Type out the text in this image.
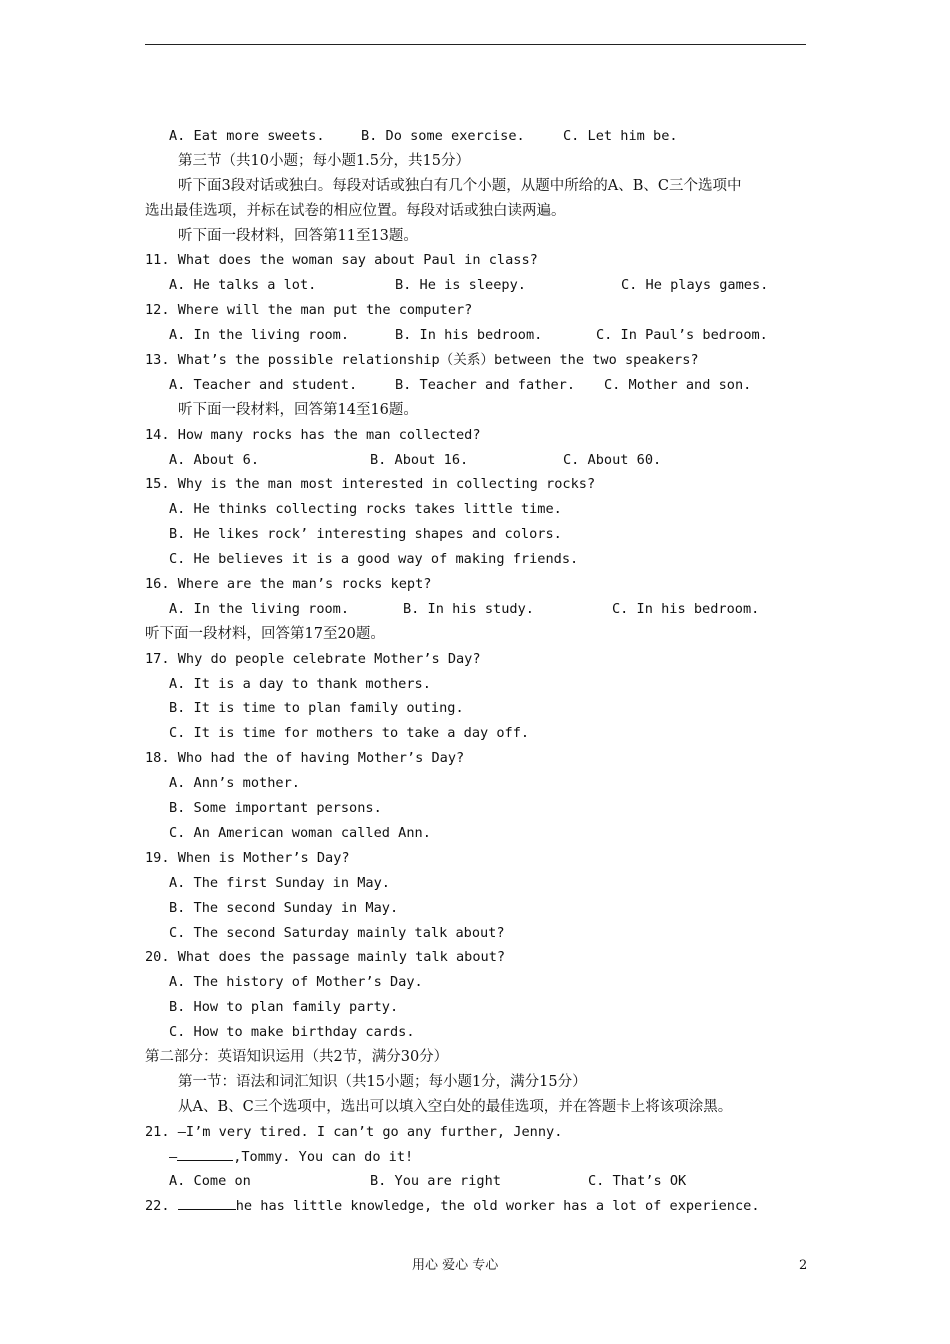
A. Eat more sweets.	B. Do some exercise.	C. Let him be.
第三节（共10小题；每小题1.5分，共15分）
听下面3段对话或独白。每段对话或独白有几个小题，从题中所给的A、B、C三个选项中
选出最佳选项，并标在试卷的相应位置。每段对话或独白读两遍。
听下面一段材料，回答第11至13题。
11. What does the woman say about Paul in class?
A. He talks a lot.	B. He is sleepy.	C. He plays games.
12. Where will the man put the computer?
A. In the living room.	B. In his bedroom.	C. In Paul’s bedroom.
13. What’s the possible relationship（关系）between the two speakers?
A. Teacher and student.	B. Teacher and father. C. Mother and son.
听下面一段材料，回答第14至16题。
14. How many rocks has the man collected?
A. About 6.	B. About 16.	C. About 60.
15. Why is the man most interested in collecting rocks?
A. He thinks collecting rocks takes little time.
B. He likes rock’ interesting shapes and colors.
C. He believes it is a good way of making friends.
16. Where are the man’s rocks kept?
A. In the living room.	B. In his study.	C. In his bedroom.
听下面一段材料，回答第17至20题。
17. Why do people celebrate Mother’s Day?
A. It is a day to thank mothers.
B. It is time to plan family outing.
C. It is time for mothers to take a day off.
18. Who had the of having Mother’s Day?
A. Ann’s mother.
B. Some important persons.
C. An American woman called Ann.
19. When is Mother’s Day?
A. The first Sunday in May.
B. The second Sunday in May.
C. The second Saturday mainly talk about?
20. What does the passage mainly talk about?
A. The history of Mother’s Day.
B. How to plan family party.
C. How to make birthday cards.
第二部分：英语知识运用（共2节，满分30分）
第一节：语法和词汇知识（共15小题；每小题1分，满分15分）
从A、B、C三个选项中，选出可以填入空白处的最佳选项，并在答题卡上将该项涂黑。
21. —I’m very tired. I can’t go any further, Jenny.
—	,Tommy. You can do it!
A. Come on	B. You are right	C. That’s OK
22.	he has little knowledge, the old worker has a lot of experience.
用心 爱心 专心	2
